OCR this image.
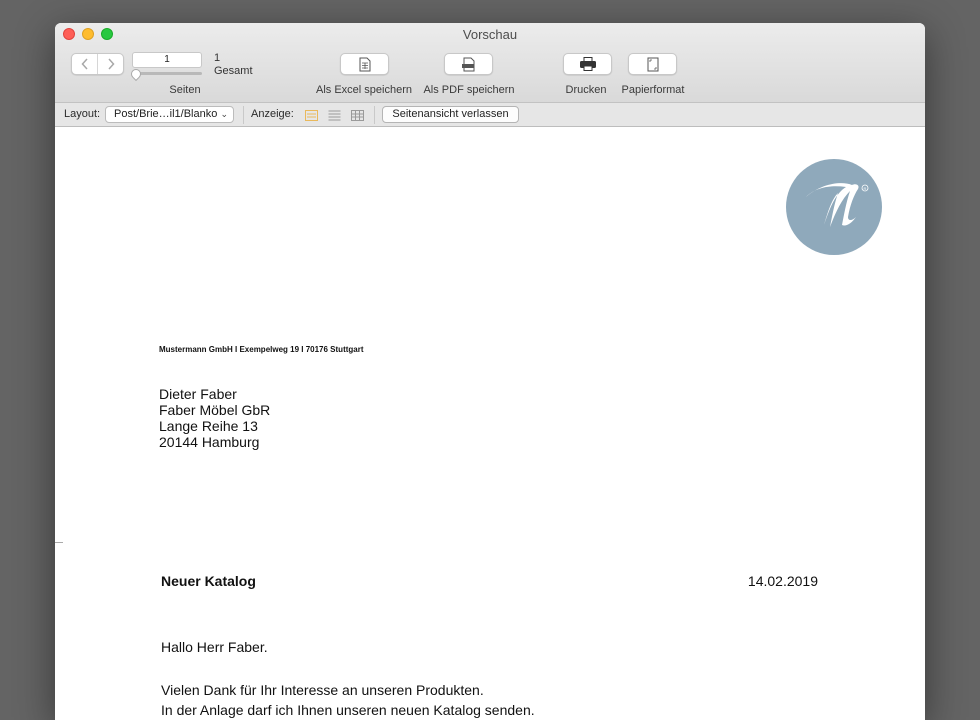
Vorschau
1	1
Gesamt
Seiten	Als Excel speichern Als PDF speichern	Drucken Papierformat
Layout:	Post/Brie…il1/Blanko ⌄ Anzeige:	Seitenansicht verlassen
R
Mustermann GmbH I Exempelweg 19 I 70176 Stuttgart
Dieter Faber
Faber Möbel GbR
Lange Reihe 13
20144 Hamburg
Neuer Katalog	14.02.2019
Hallo Herr Faber.
Vielen Dank für Ihr Interesse an unseren Produkten.
In der Anlage darf ich Ihnen unseren neuen Katalog senden.
